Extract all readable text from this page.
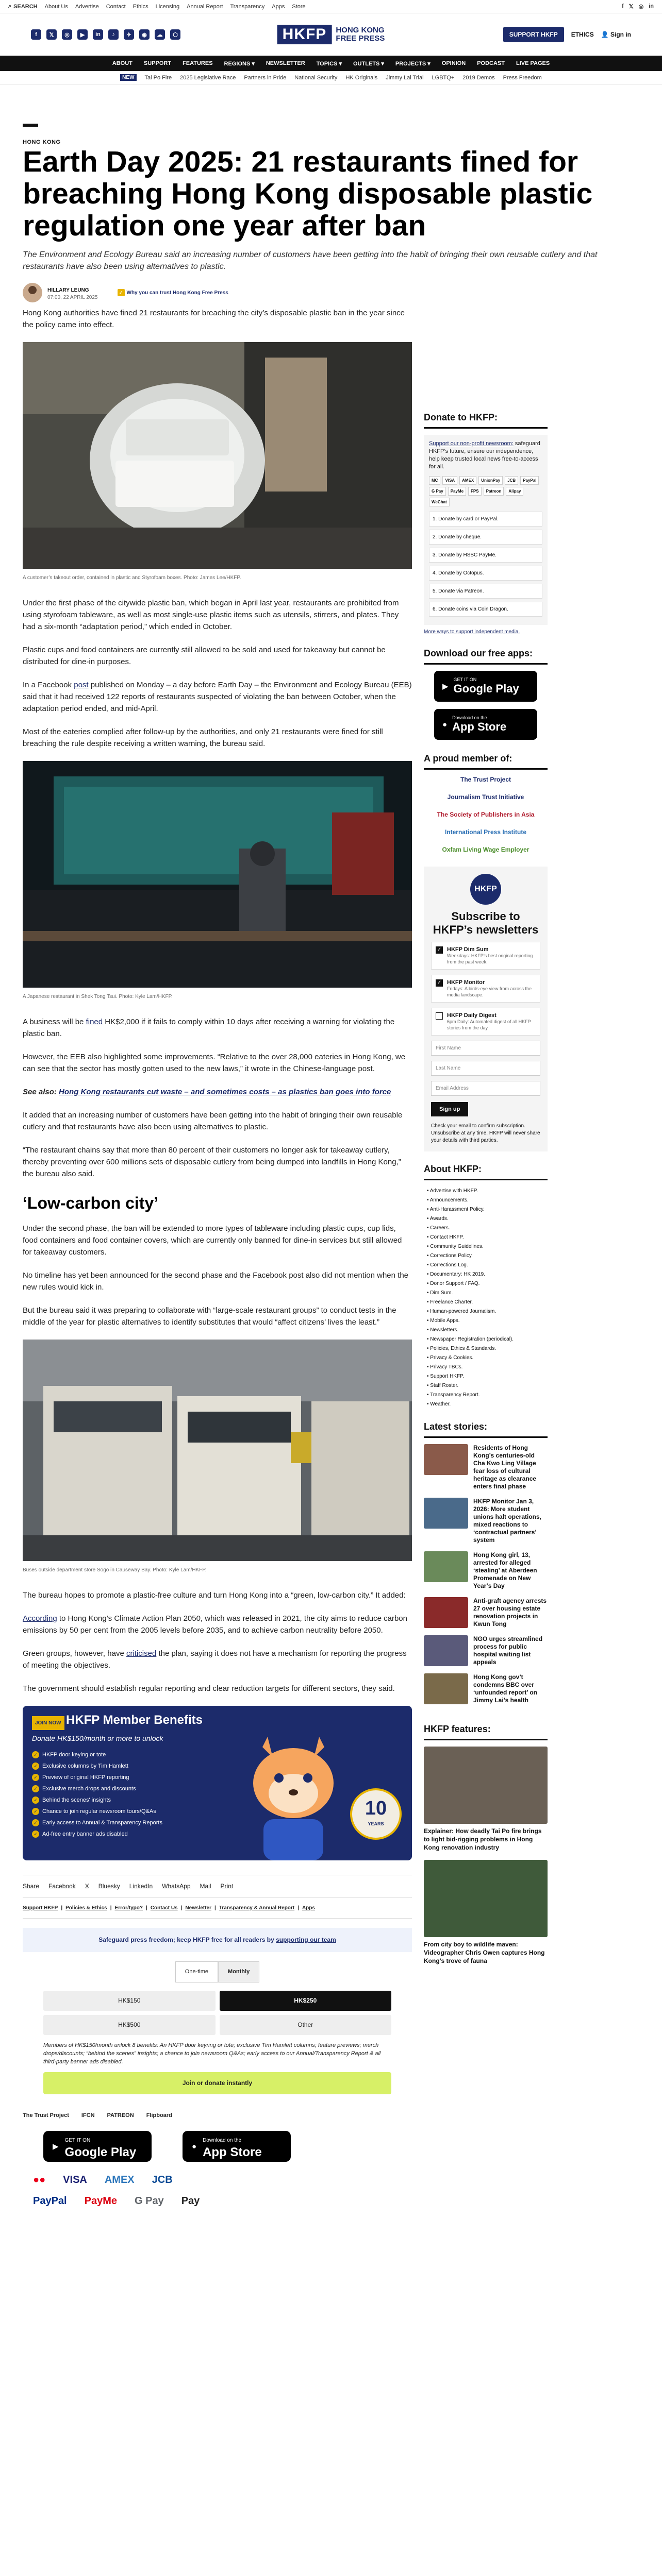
⌕ SEARCH About Us Advertise Contact Ethics Licensing Annual Report Transparency Apps Store	f 𝕏 ◎ in
f	𝕏	◎	▶	in	♪	✈	◉	☁	⬡	HKFP	HONG KONG
FREE PRESS	SUPPORT HKFP	ETHICS 👤 Sign in
ABOUT SUPPORT FEATURES REGIONS ▾ NEWSLETTER TOPICS ▾ OUTLETS ▾ PROJECTS ▾ OPINION PODCAST LIVE PAGES
NEW	Tai Po Fire 2025 Legislative Race Partners in Pride National Security HK Originals Jimmy Lai Trial LGBTQ+ 2019 Demos Press Freedom
HONG KONG
Earth Day 2025: 21 restaurants fined for breaching Hong Kong disposable plastic regulation one year after ban

The Environment and Ecology Bureau said an increasing number of customers have been getting into the habit of bringing their own reusable cutlery and that restaurants have also been using alternatives to plastic.

HILLARY LEUNG
07:00, 22 APRIL 2025
✓ Why you can trust Hong Kong Free Press

Hong Kong authorities have fined 21 restaurants for breaching the city’s disposable plastic ban in the year since the policy came into effect.

A customer’s takeout order, contained in plastic and Styrofoam boxes. Photo: James Lee/HKFP.

Under the first phase of the citywide plastic ban, which began in April last year, restaurants are prohibited from using styrofoam tableware, as well as most single-use plastic items such as utensils, stirrers, and plates. They had a six-month “adaptation period,” which ended in October.

Plastic cups and food containers are currently still allowed to be sold and used for takeaway but cannot be distributed for dine-in purposes.

In a Facebook post published on Monday – a day before Earth Day – the Environment and Ecology Bureau (EEB) said that it had received 122 reports of restaurants suspected of violating the ban between October, when the adaptation period ended, and mid-April.

Most of the eateries complied after follow-up by the authorities, and only 21 restaurants were fined for still breaching the rule despite receiving a written warning, the bureau said.

A Japanese restaurant in Shek Tong Tsui. Photo: Kyle Lam/HKFP.

A business will be fined HK$2,000 if it fails to comply within 10 days after receiving a warning for violating the plastic ban.

However, the EEB also highlighted some improvements. “Relative to the over 28,000 eateries in Hong Kong, we can see that the sector has mostly gotten used to the new laws,” it wrote in the Chinese-language post.

See also: Hong Kong restaurants cut waste – and sometimes costs – as plastics ban goes into force

It added that an increasing number of customers have been getting into the habit of bringing their own reusable cutlery and that restaurants have also been using alternatives to plastic.

“The restaurant chains say that more than 80 percent of their customers no longer ask for takeaway cutlery, thereby preventing over 600 millions sets of disposable cutlery from being dumped into landfills in Hong Kong,” the bureau also said.

‘Low-carbon city’

Under the second phase, the ban will be extended to more types of tableware including plastic cups, cup lids, food containers and food container covers, which are currently only banned for dine-in services but still allowed for takeaway customers.

No timeline has yet been announced for the second phase and the Facebook post also did not mention when the new rules would kick in.

But the bureau said it was preparing to collaborate with “large-scale restaurant groups” to conduct tests in the middle of the year for plastic alternatives to identify substitutes that would “affect citizens’ lives the least.”

Buses outside department store Sogo in Causeway Bay. Photo: Kyle Lam/HKFP.

The bureau hopes to promote a plastic-free culture and turn Hong Kong into a “green, low-carbon city.” It added:

According to Hong Kong’s Climate Action Plan 2050, which was released in 2021, the city aims to reduce carbon emissions by 50 per cent from the 2005 levels before 2035, and to achieve carbon neutrality before 2050.

Green groups, however, have criticised the plan, saying it does not have a mechanism for reporting the progress of meeting the objectives.

The government should establish regular reporting and clear reduction targets for different sectors, they said.

JOIN NOW HKFP Member Benefits
Donate HK$150/month or more to unlock
✓ HKFP door keying or tote
✓ Exclusive columns by Tim Hamlett
✓ Preview of original HKFP reporting
✓ Exclusive merch drops and discounts
✓ Behind the scenes' insights
✓ Chance to join regular newsroom tours/Q&As
✓ Early access to Annual & Transparency Reports
✓ Ad-free entry banner ads disabled
10
YEARS
Share Facebook X Bluesky LinkedIn WhatsApp Mail Print
Support HKFP | Policies & Ethics | Error/typo? | Contact Us | Newsletter | Transparency & Annual Report | Apps
Safeguard press freedom; keep HKFP free for all readers by supporting our team
One-time	Monthly
HK$150	HK$250
HK$500	Other
Members of HK$150/month unlock 8 benefits: An HKFP door keyring or tote; exclusive Tim Hamlett columns; feature previews; merch drops/discounts; “behind the scenes” insights; a chance to join newsroom Q&As; early access to our Annual/Transparency Report & all third-party banner ads disabled.
Join or donate instantly
The Trust Project IFCN PATREON Flipboard
▶
GET IT ON
Google Play	●
Download on the
App Store
●● VISA AMEX JCB
PayPal PayMe G Pay Pay
Donate to HKFP:

Support our non-profit newsroom: safeguard HKFP’s future, ensure our independence, help keep trusted local news free-to-access for all.

MC	VISA	AMEX	UnionPay	JCB	PayPal
G Pay	PayMe	FPS	Patreon	Alipay
WeChat
1. Donate by card or PayPal.
2. Donate by cheque.
3. Donate by HSBC PayMe.
4. Donate by Octopus.
5. Donate via Patreon.
6. Donate coins via Coin Dragon.
More ways to support independent media.
Download our free apps:
▶
GET IT ON
Google Play
●
Download on the
App Store
A proud member of:
The Trust Project
Journalism Trust Initiative
The Society of Publishers in Asia
International Press Institute
Oxfam Living Wage Employer
HKFP
Subscribe to HKFP’s newsletters
✓ HKFP Dim Sum
Weekdays: HKFP’s best original reporting from the past week.
✓ HKFP Monitor
Fridays: A birds-eye view from across the media landscape.
HKFP Daily Digest
6pm Daily: Automated digest of all HKFP stories from the day.
First Name
Last Name
Email Address
Sign up
Check your email to confirm subscription. Unsubscribe at any time. HKFP will never share your details with third parties.
About HKFP:
• Advertise with HKFP.
• Announcements.
• Anti-Harassment Policy.
• Awards.
• Careers.
• Contact HKFP.
• Community Guidelines.
• Corrections Policy.
• Corrections Log.
• Documentary: HK 2019.
• Donor Support / FAQ.
• Dim Sum.
• Freelance Charter.
• Human-powered Journalism.
• Mobile Apps.
• Newsletters.
• Newspaper Registration (periodical).
• Policies, Ethics & Standards.
• Privacy & Cookies.
• Privacy TBCs.
• Support HKFP.
• Staff Roster.
• Transparency Report.
• Weather.
Latest stories:
Residents of Hong Kong’s centuries-old Cha Kwo Ling Village fear loss of cultural heritage as clearance enters final phase
HKFP Monitor Jan 3, 2026: More student unions halt operations, mixed reactions to ‘contractual partners’ system
Hong Kong girl, 13, arrested for alleged ‘stealing’ at Aberdeen Promenade on New Year’s Day
Anti-graft agency arrests 27 over housing estate renovation projects in Kwun Tong
NGO urges streamlined process for public hospital waiting list appeals
Hong Kong gov’t condemns BBC over ‘unfounded report’ on Jimmy Lai’s health
HKFP features:
Explainer: How deadly Tai Po fire brings to light bid-rigging problems in Hong Kong renovation industry
From city boy to wildlife maven: Videographer Chris Owen captures Hong Kong’s trove of fauna
